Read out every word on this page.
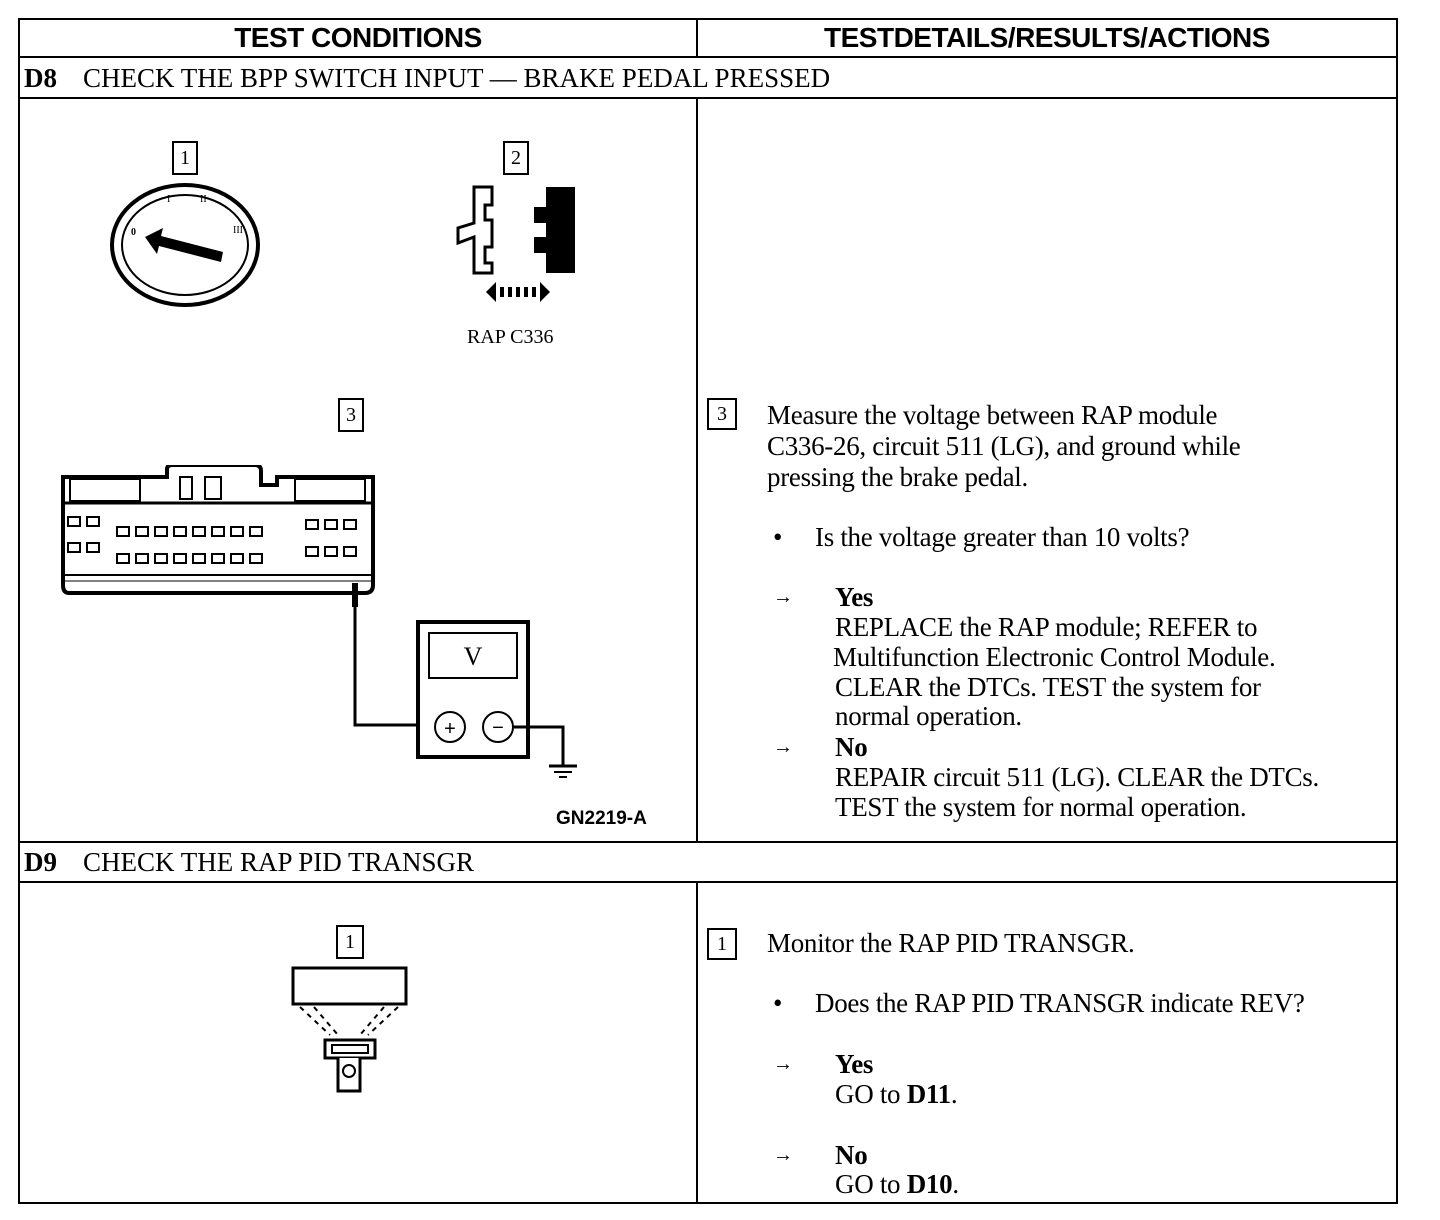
TEST CONDITIONS	TESTDETAILS/RESULTS/ACTIONS
D8 CHECK THE BPP SWITCH INPUT — BRAKE PEDAL PRESSED
1	2
3
0
I	II
III
RAP C336
V
+ −
GN2219-A
3	Measure the voltage between RAP module
C336-26, circuit 511 (LG), and ground while
pressing the brake pedal.
• Is the voltage greater than 10 volts?
→ Yes
REPLACE the RAP module; REFER to
Multifunction Electronic Control Module.
CLEAR the DTCs. TEST the system for
normal operation.
→ No
REPAIR circuit 511 (LG). CLEAR the DTCs.
TEST the system for normal operation.
D9 CHECK THE RAP PID TRANSGR
1	1	Monitor the RAP PID TRANSGR.
• Does the RAP PID TRANSGR indicate REV?
→ Yes
GO to D11.
→ No
GO to D10.
